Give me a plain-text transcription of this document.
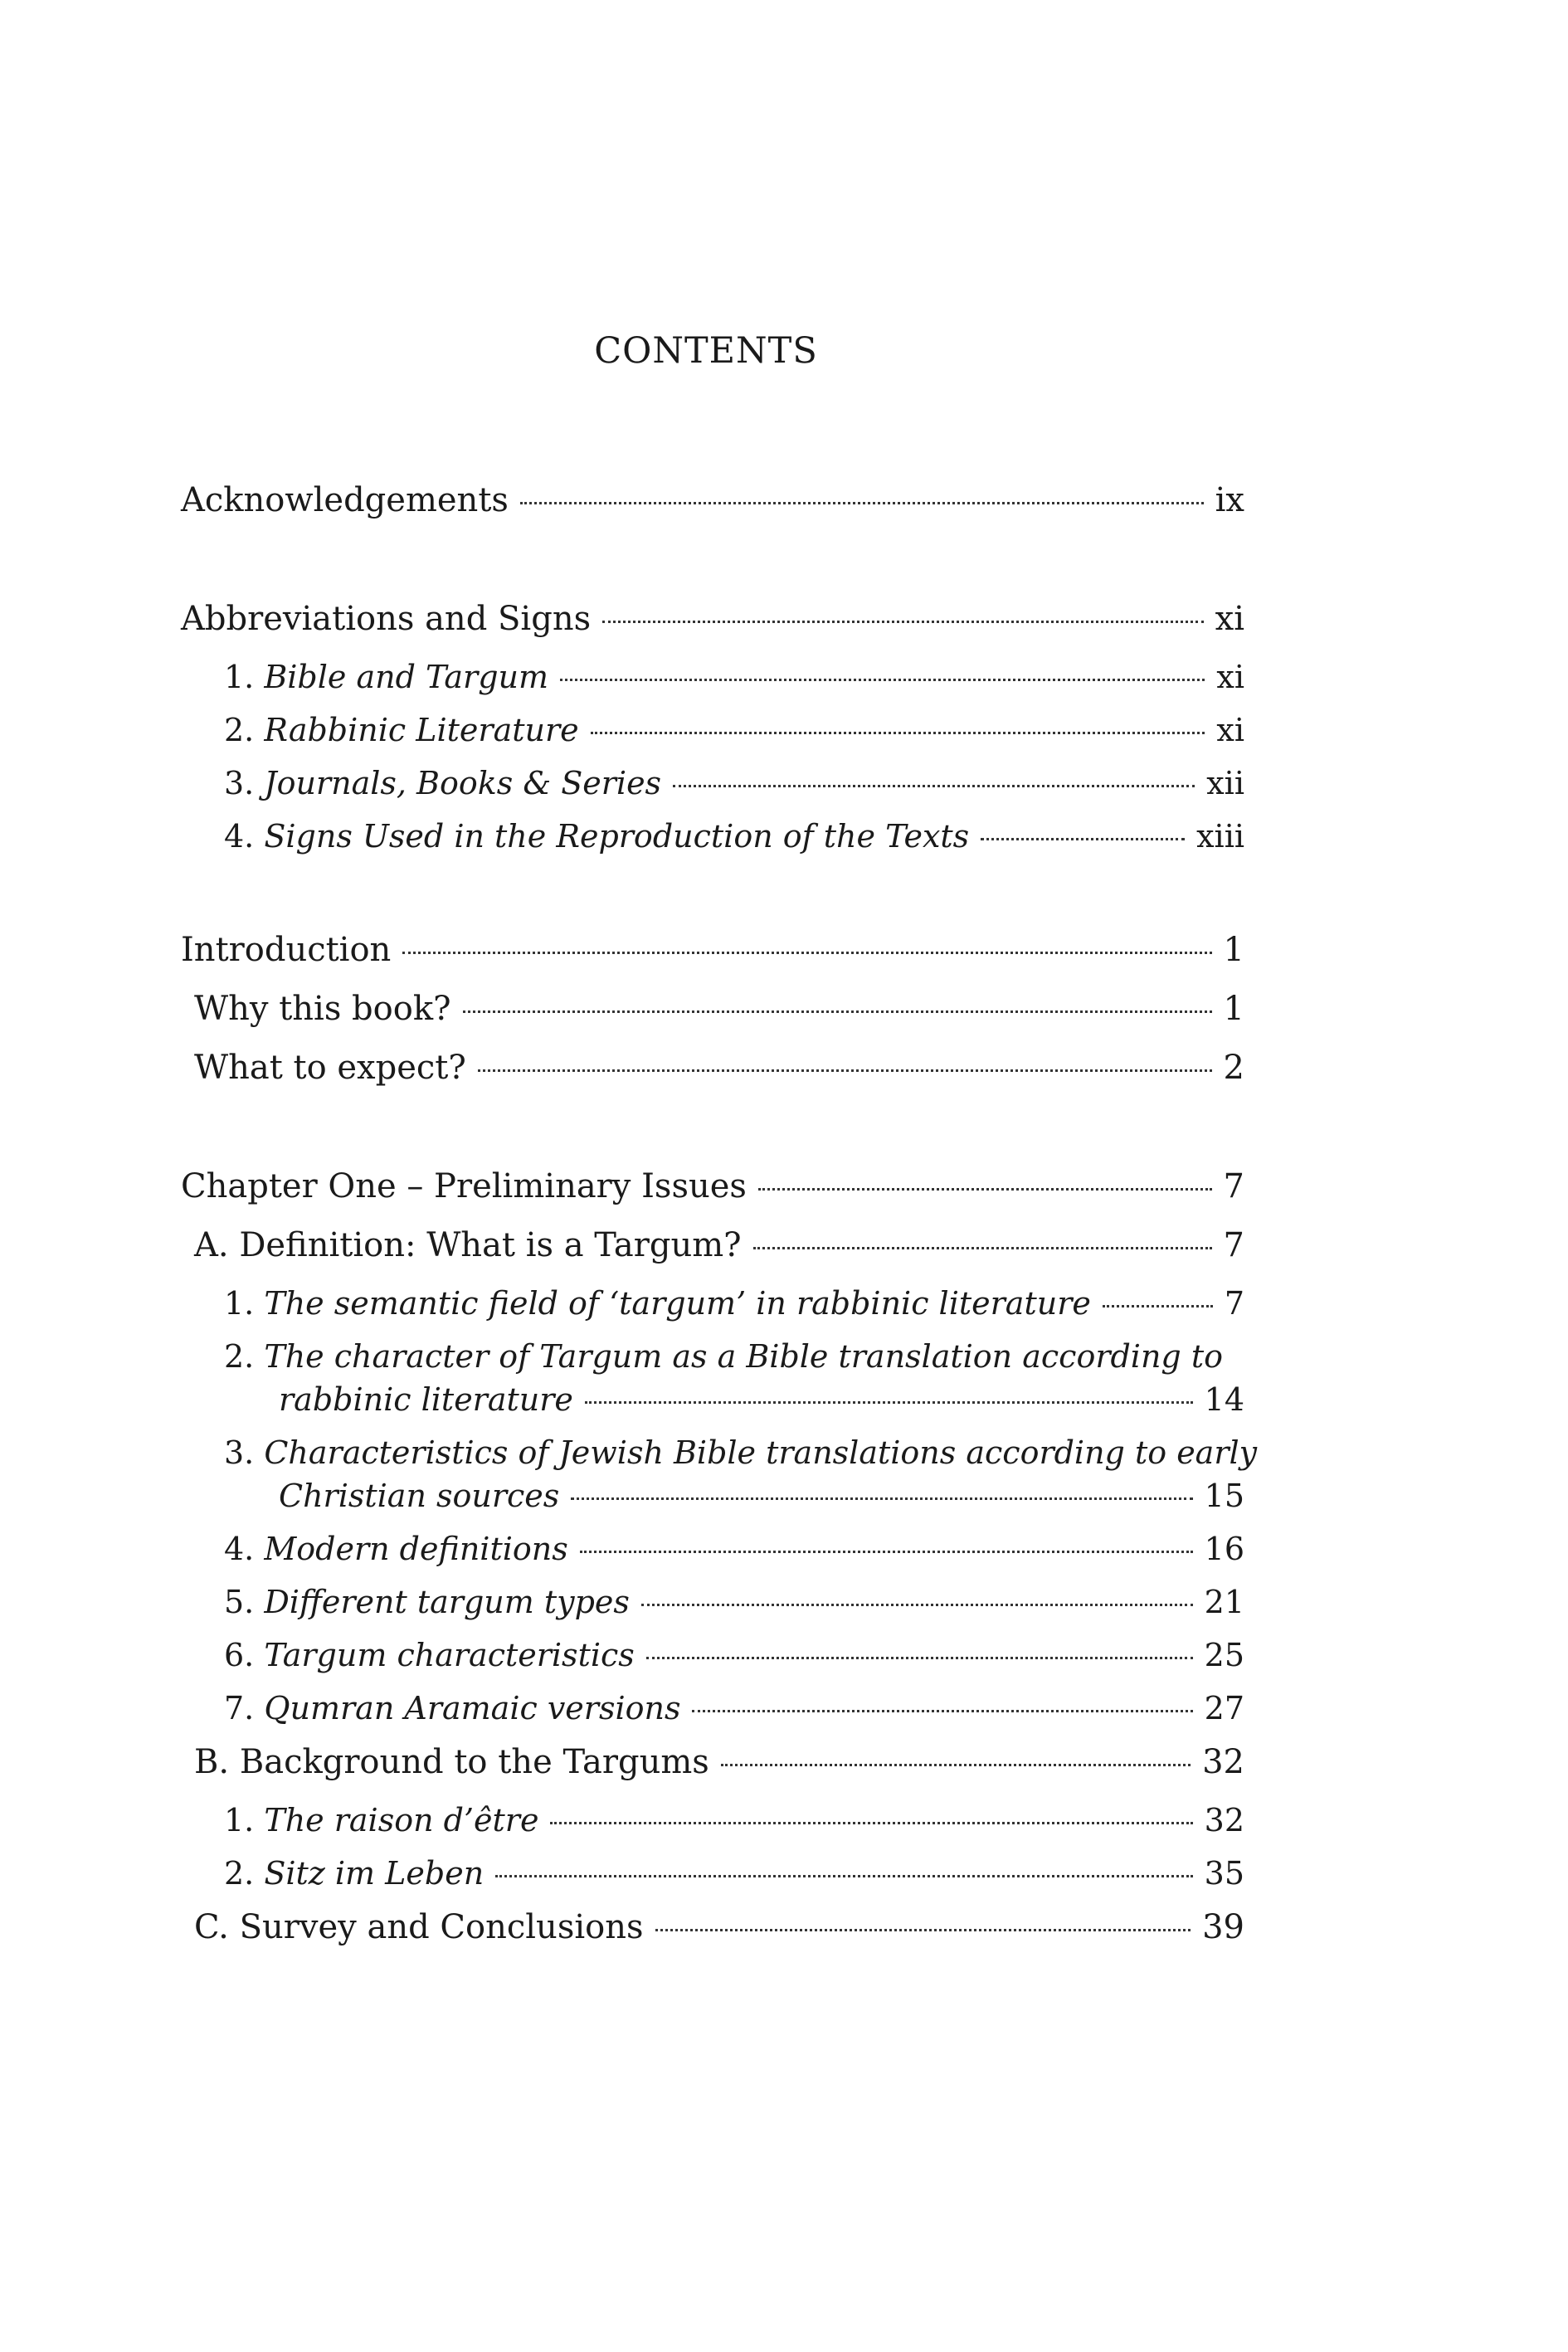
CONTENTS
Acknowledgements	ix
Abbreviations and Signs	xi
1. Bible and Targum	xi
2. Rabbinic Literature	xi
3. Journals, Books & Series	xii
4. Signs Used in the Reproduction of the Texts	xiii
Introduction	1
Why this book?	1
What to expect?	2
Chapter One – Preliminary Issues	7
A. Definition: What is a Targum?	7
1. The semantic field of ‘targum’ in rabbinic literature	7
2. The character of Targum as a Bible translation according to
rabbinic literature	14
3. Characteristics of Jewish Bible translations according to early
Christian sources	15
4. Modern definitions	16
5. Different targum types	21
6. Targum characteristics	25
7. Qumran Aramaic versions	27
B. Background to the Targums	32
1. The raison d’être	32
2. Sitz im Leben	35
C. Survey and Conclusions	39
